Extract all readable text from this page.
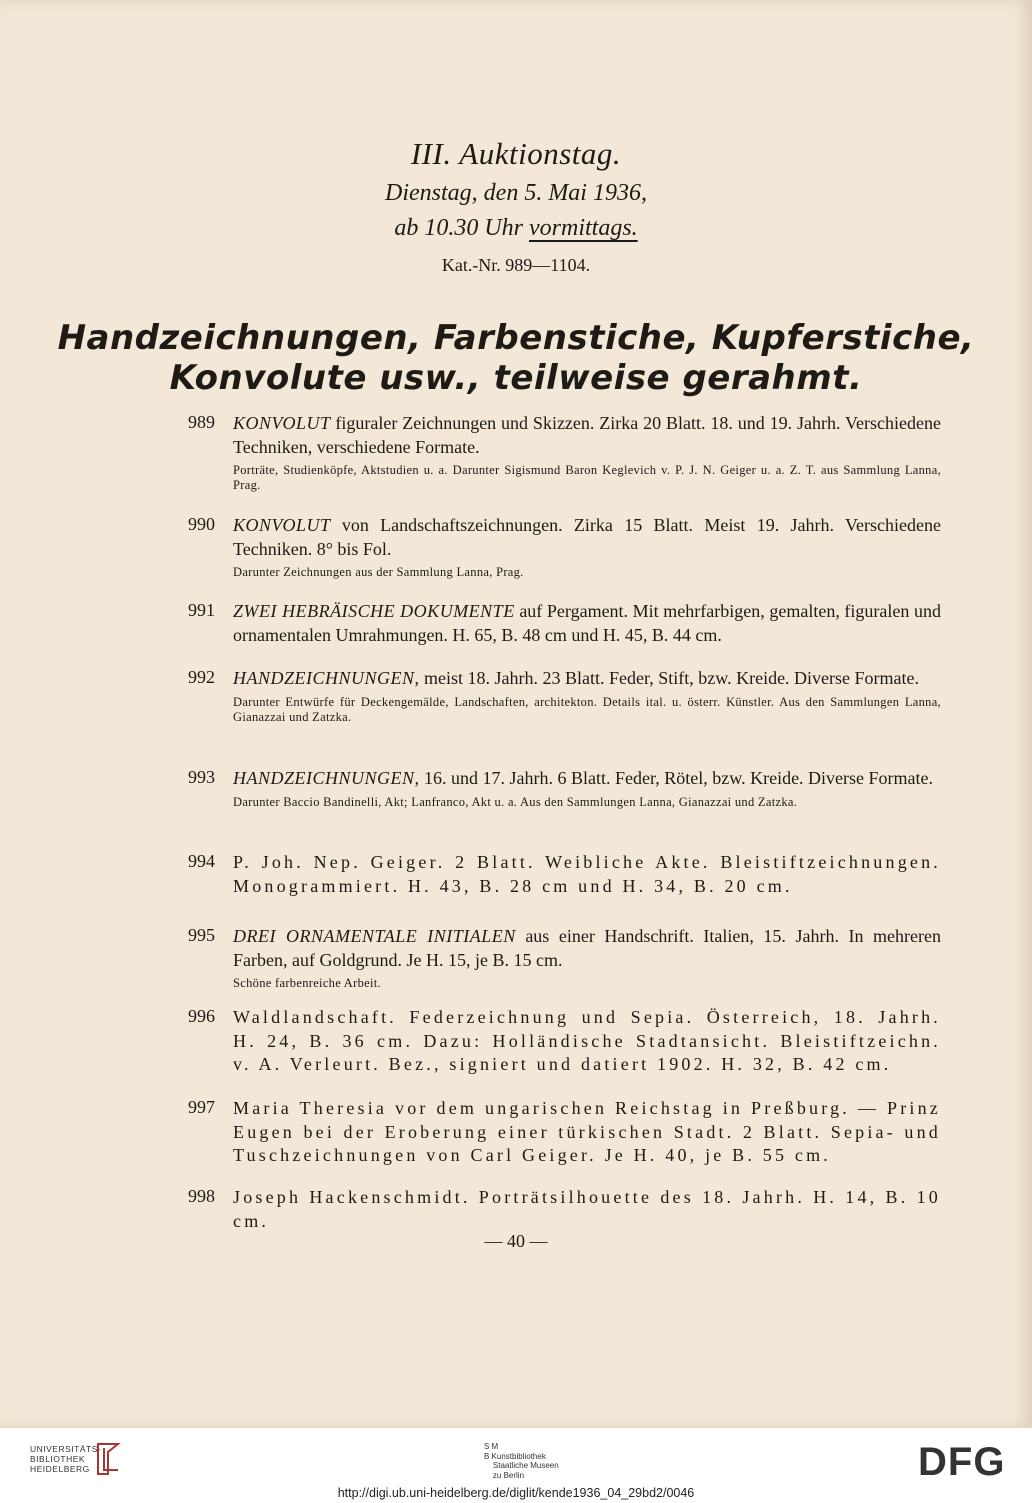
III. Auktionstag.
Dienstag, den 5. Mai 1936,
ab 10.30 Uhr vormittags.
Kat.-Nr. 989—1104.
Handzeichnungen, Farbenstiche, Kupferstiche,
Konvolute usw., teilweise gerahmt.
989 KONVOLUT figuraler Zeichnungen und Skizzen. Zirka 20 Blatt. 18. und 19. Jahrh. Verschiedene Techniken, verschiedene Formate.
Porträte, Studienköpfe, Aktstudien u. a. Darunter Sigismund Baron Keglevich v. P. J. N. Geiger u. a. Z. T. aus Sammlung Lanna, Prag.
990 KONVOLUT von Landschaftszeichnungen. Zirka 15 Blatt. Meist 19. Jahrh. Verschiedene Techniken. 8° bis Fol.
Darunter Zeichnungen aus der Sammlung Lanna, Prag.
991 ZWEI HEBRÄISCHE DOKUMENTE auf Pergament. Mit mehrfarbigen, gemalten, figuralen und ornamentalen Umrahmungen. H. 65, B. 48 cm und H. 45, B. 44 cm.
992 HANDZEICHNUNGEN, meist 18. Jahrh. 23 Blatt. Feder, Stift, bzw. Kreide. Diverse Formate.
Darunter Entwürfe für Deckengemälde, Landschaften, architekton. Details ital. u. österr. Künstler. Aus den Sammlungen Lanna, Gianazzai und Zatzka.
993 HANDZEICHNUNGEN, 16. und 17. Jahrh. 6 Blatt. Feder, Rötel, bzw. Kreide. Diverse Formate.
Darunter Baccio Bandinelli, Akt; Lanfranco, Akt u. a. Aus den Sammlungen Lanna, Gianazzai und Zatzka.
994 P. Joh. Nep. Geiger. 2 Blatt. Weibliche Akte. Bleistiftzeichnungen. Monogrammiert. H. 43, B. 28 cm und H. 34, B. 20 cm.
995 DREI ORNAMENTALE INITIALEN aus einer Handschrift. Italien, 15. Jahrh. In mehreren Farben, auf Goldgrund. Je H. 15, je B. 15 cm.
Schöne farbenreiche Arbeit.
996 Waldlandschaft. Federzeichnung und Sepia. Österreich, 18. Jahrh. H. 24, B. 36 cm. Dazu: Holländische Stadtansicht. Bleistiftzeichn. v. A. Verleurt. Bez., signiert und datiert 1902. H. 32, B. 42 cm.
997 Maria Theresia vor dem ungarischen Reichstag in Preßburg. — Prinz Eugen bei der Eroberung einer türkischen Stadt. 2 Blatt. Sepia- und Tuschzeichnungen von Carl Geiger. Je H. 40, je B. 55 cm.
998 Joseph Hackenschmidt. Porträtsilhouette des 18. Jahrh. H. 14, B. 10 cm.
— 40 —
UNIVERSITÄTS-
BIBLIOTHEK
HEIDELBERG
S M
B Kunstbibliothek
Staatliche Museen
zu Berlin	DFG
http://digi.ub.uni-heidelberg.de/diglit/kende1936_04_29bd2/0046
